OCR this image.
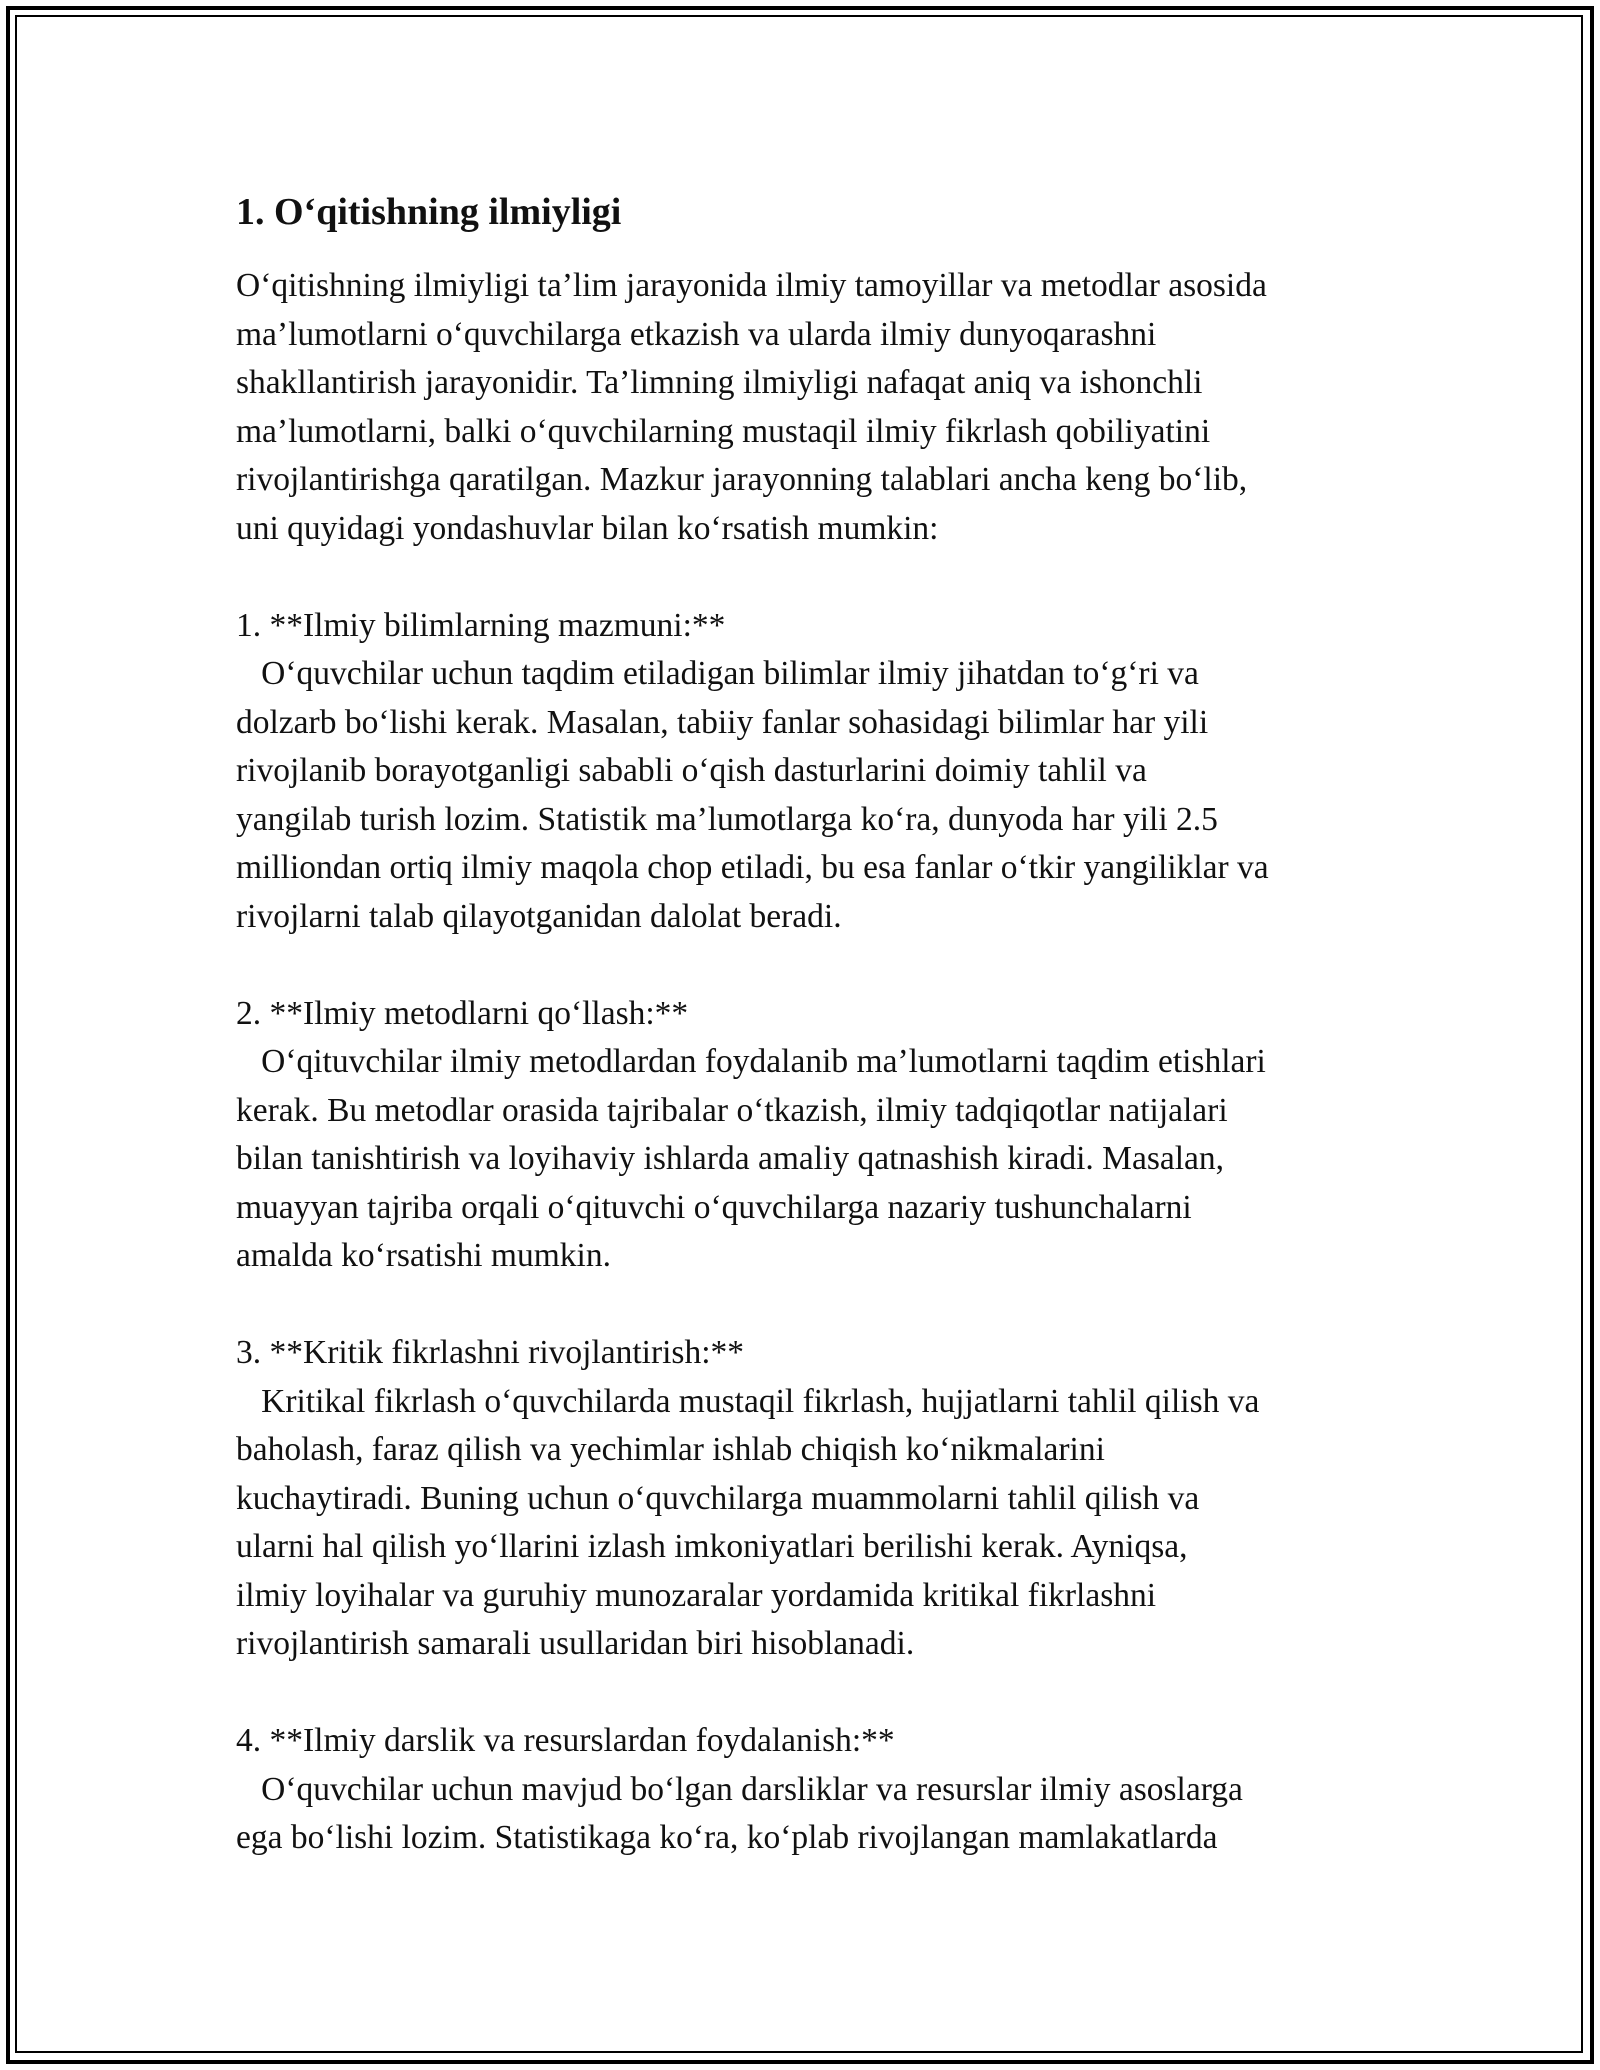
1. O‘qitishning ilmiyligi
O‘qitishning ilmiyligi ta’lim jarayonida ilmiy tamoyillar va metodlar asosida
ma’lumotlarni o‘quvchilarga etkazish va ularda ilmiy dunyoqarashni
shakllantirish jarayonidir. Ta’limning ilmiyligi nafaqat aniq va ishonchli
ma’lumotlarni, balki o‘quvchilarning mustaqil ilmiy fikrlash qobiliyatini
rivojlantirishga qaratilgan. Mazkur jarayonning talablari ancha keng bo‘lib,
uni quyidagi yondashuvlar bilan ko‘rsatish mumkin:
1. **Ilmiy bilimlarning mazmuni:**
O‘quvchilar uchun taqdim etiladigan bilimlar ilmiy jihatdan to‘g‘ri va
dolzarb bo‘lishi kerak. Masalan, tabiiy fanlar sohasidagi bilimlar har yili
rivojlanib borayotganligi sababli o‘qish dasturlarini doimiy tahlil va
yangilab turish lozim. Statistik ma’lumotlarga ko‘ra, dunyoda har yili 2.5
milliondan ortiq ilmiy maqola chop etiladi, bu esa fanlar o‘tkir yangiliklar va
rivojlarni talab qilayotganidan dalolat beradi.
2. **Ilmiy metodlarni qo‘llash:**
O‘qituvchilar ilmiy metodlardan foydalanib ma’lumotlarni taqdim etishlari
kerak. Bu metodlar orasida tajribalar o‘tkazish, ilmiy tadqiqotlar natijalari
bilan tanishtirish va loyihaviy ishlarda amaliy qatnashish kiradi. Masalan,
muayyan tajriba orqali o‘qituvchi o‘quvchilarga nazariy tushunchalarni
amalda ko‘rsatishi mumkin.
3. **Kritik fikrlashni rivojlantirish:**
Kritikal fikrlash o‘quvchilarda mustaqil fikrlash, hujjatlarni tahlil qilish va
baholash, faraz qilish va yechimlar ishlab chiqish ko‘nikmalarini
kuchaytiradi. Buning uchun o‘quvchilarga muammolarni tahlil qilish va
ularni hal qilish yo‘llarini izlash imkoniyatlari berilishi kerak. Ayniqsa,
ilmiy loyihalar va guruhiy munozaralar yordamida kritikal fikrlashni
rivojlantirish samarali usullaridan biri hisoblanadi.
4. **Ilmiy darslik va resurslardan foydalanish:**
O‘quvchilar uchun mavjud bo‘lgan darsliklar va resurslar ilmiy asoslarga
ega bo‘lishi lozim. Statistikaga ko‘ra, ko‘plab rivojlangan mamlakatlarda
